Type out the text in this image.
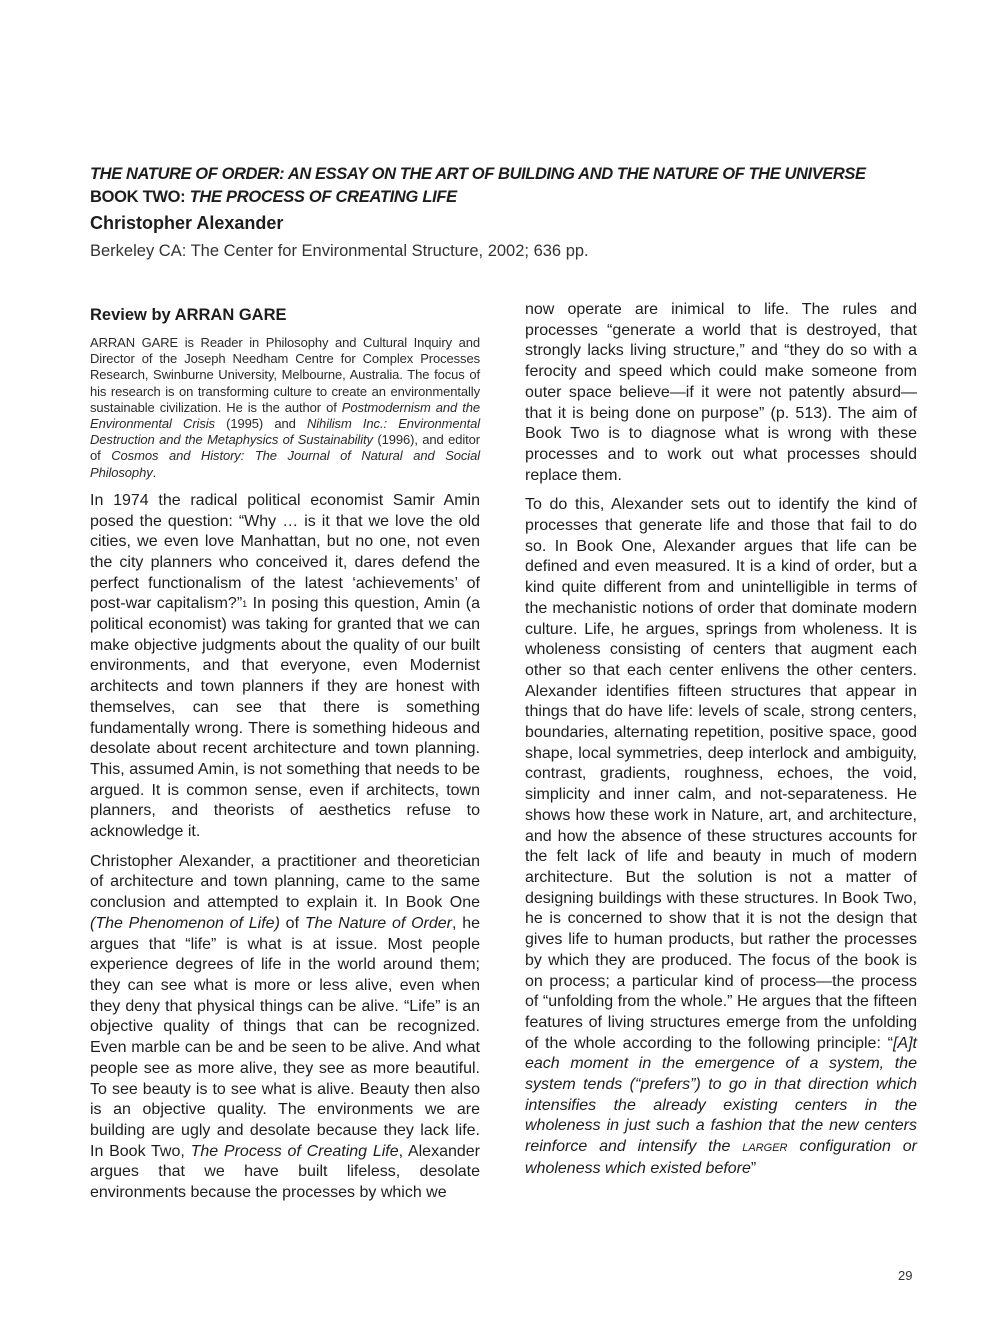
THE NATURE OF ORDER: AN ESSAY ON THE ART OF BUILDING AND THE NATURE OF THE UNIVERSE

BOOK TWO: THE PROCESS OF CREATING LIFE

Christopher Alexander

Berkeley CA: The Center for Environmental Structure, 2002; 636 pp.

Review by ARRAN GARE

ARRAN GARE is Reader in Philosophy and Cultural Inquiry and Director of the Joseph Needham Centre for Complex Processes Research, Swinburne University, Melbourne, Australia. The focus of his research is on transforming culture to create an environmentally sustainable civilization. He is the author of Postmodernism and the Environmental Crisis (1995) and Nihilism Inc.: Environmental Destruction and the Metaphysics of Sustainability (1996), and editor of Cosmos and History: The Journal of Natural and Social Philosophy.

In 1974 the radical political economist Samir Amin posed the question: “Why … is it that we love the old cities, we even love Manhattan, but no one, not even the city planners who conceived it, dares defend the perfect functionalism of the latest ‘achievements’ of post-war capitalism?”$^1$ In posing this question, Amin (a political economist) was taking for granted that we can make objective judgments about the quality of our built environments, and that everyone, even Modernist architects and town planners if they are honest with themselves, can see that there is something fundamentally wrong. There is something hideous and desolate about recent architecture and town planning. This, assumed Amin, is not something that needs to be argued. It is common sense, even if architects, town planners, and theorists of aesthetics refuse to acknowledge it.

Christopher Alexander, a practitioner and theoretician of architecture and town planning, came to the same conclusion and attempted to explain it. In Book One (The Phenomenon of Life) of The Nature of Order, he argues that “life” is what is at issue. Most people experience degrees of life in the world around them; they can see what is more or less alive, even when they deny that physical things can be alive. “Life” is an objective quality of things that can be recognized. Even marble can be and be seen to be alive. And what people see as more alive, they see as more beautiful. To see beauty is to see what is alive. Beauty then also is an objective quality. The environments we are building are ugly and desolate because they lack life. In Book Two, The Process of Creating Life, Alexander argues that we have built lifeless, desolate environments because the processes by which we

now operate are inimical to life. The rules and processes “generate a world that is destroyed, that strongly lacks living structure,” and “they do so with a ferocity and speed which could make someone from outer space believe—if it were not patently absurd—that it is being done on purpose” (p. 513). The aim of Book Two is to diagnose what is wrong with these processes and to work out what processes should replace them.

To do this, Alexander sets out to identify the kind of processes that generate life and those that fail to do so. In Book One, Alexander argues that life can be defined and even measured. It is a kind of order, but a kind quite different from and unintelligible in terms of the mechanistic notions of order that dominate modern culture. Life, he argues, springs from wholeness. It is wholeness consisting of centers that augment each other so that each center enlivens the other centers. Alexander identifies fifteen structures that appear in things that do have life: levels of scale, strong centers, boundaries, alternating repetition, positive space, good shape, local symmetries, deep interlock and ambiguity, contrast, gradients, roughness, echoes, the void, simplicity and inner calm, and not-separateness. He shows how these work in Nature, art, and architecture, and how the absence of these structures accounts for the felt lack of life and beauty in much of modern architecture. But the solution is not a matter of designing buildings with these structures. In Book Two, he is concerned to show that it is not the design that gives life to human products, but rather the processes by which they are produced. The focus of the book is on process; a particular kind of process—the process of “unfolding from the whole.” He argues that the fifteen features of living structures emerge from the unfolding of the whole according to the following principle: “[A]t each moment in the emergence of a system, the system tends (“prefers”) to go in that direction which intensifies the already existing centers in the wholeness in just such a fashion that the new centers reinforce and intensify the LARGER configuration or wholeness which existed before”

29
